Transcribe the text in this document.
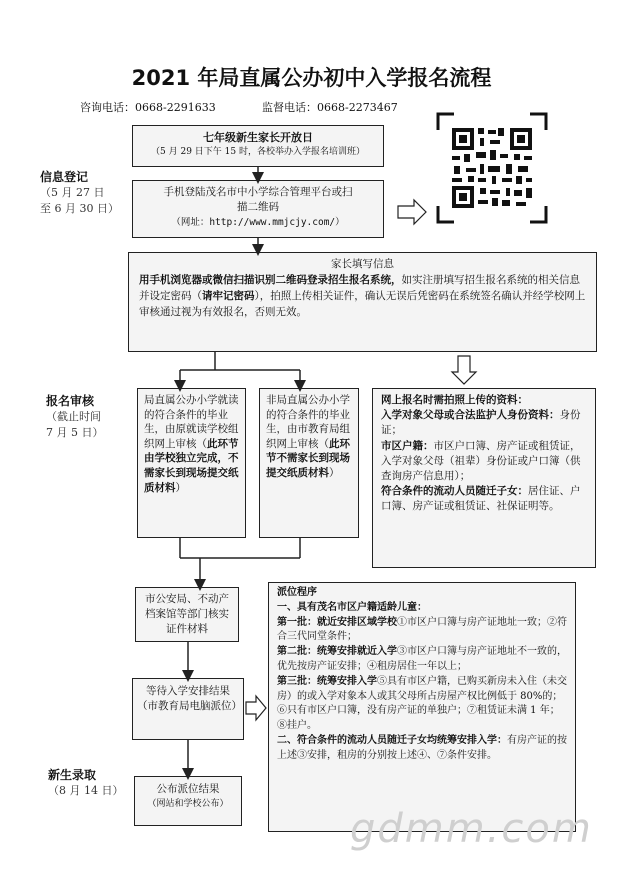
2021 年局直属公办初中入学报名流程
咨询电话：0668-2291633	监督电话：0668-2273467
信息登记
（5 月 27 日
至 6 月 30 日）
报名审核
（截止时间
7 月 5 日）
新生录取
（8 月 14 日）
七年级新生家长开放日
（5 月 29 日下午 15 时，各校举办入学报名培训班）
手机登陆茂名市中小学综合管理平台或扫
描二维码
（网址：http://www.mmjcjy.com/）
家长填写信息
用手机浏览器或微信扫描识别二维码登录招生报名系统，如实注册填写招生报名系统的相关信息并设定密码（请牢记密码），拍照上传相关证件，确认无误后凭密码在系统签名确认并经学校网上审核通过视为有效报名，否则无效。
局直属公办小学就读的符合条件的毕业生，由原就读学校组织网上审核（此环节由学校独立完成，不需家长到现场提交纸质材料）
非局直属公办小学的符合条件的毕业生，由市教育局组织网上审核（此环节不需家长到现场提交纸质材料）
网上报名时需拍照上传的资料：
入学对象父母或合法监护人身份资料：身份证；
市区户籍：市区户口簿、房产证或租赁证，入学对象父母（祖辈）身份证或户口簿（供查询房产信息用）；
符合条件的流动人员随迁子女：居住证、户口簿、房产证或租赁证、社保证明等。
市公安局、不动产档案馆等部门核实证件材料
等待入学安排结果
（市教育局电脑派位）
公布派位结果
（网站和学校公布）
派位程序
一、具有茂名市区户籍适龄儿童：
第一批：就近安排区域学校①市区户口簿与房产证地址一致；②符合三代同堂条件；
第二批：统筹安排就近入学③市区户口簿与房产证地址不一致的，优先按房产证安排；④租房居住一年以上；
第三批：统筹安排入学⑤具有市区户籍，已购买新房未入住（未交房）的或入学对象本人或其父母所占房屋产权比例低于 80%的；⑥只有市区户口簿，没有房产证的单独户；⑦租赁证未满 1 年；⑧挂户。
二、符合条件的流动人员随迁子女均统筹安排入学：有房产证的按上述③安排，租房的分别按上述④、⑦条件安排。
gdmm.com
